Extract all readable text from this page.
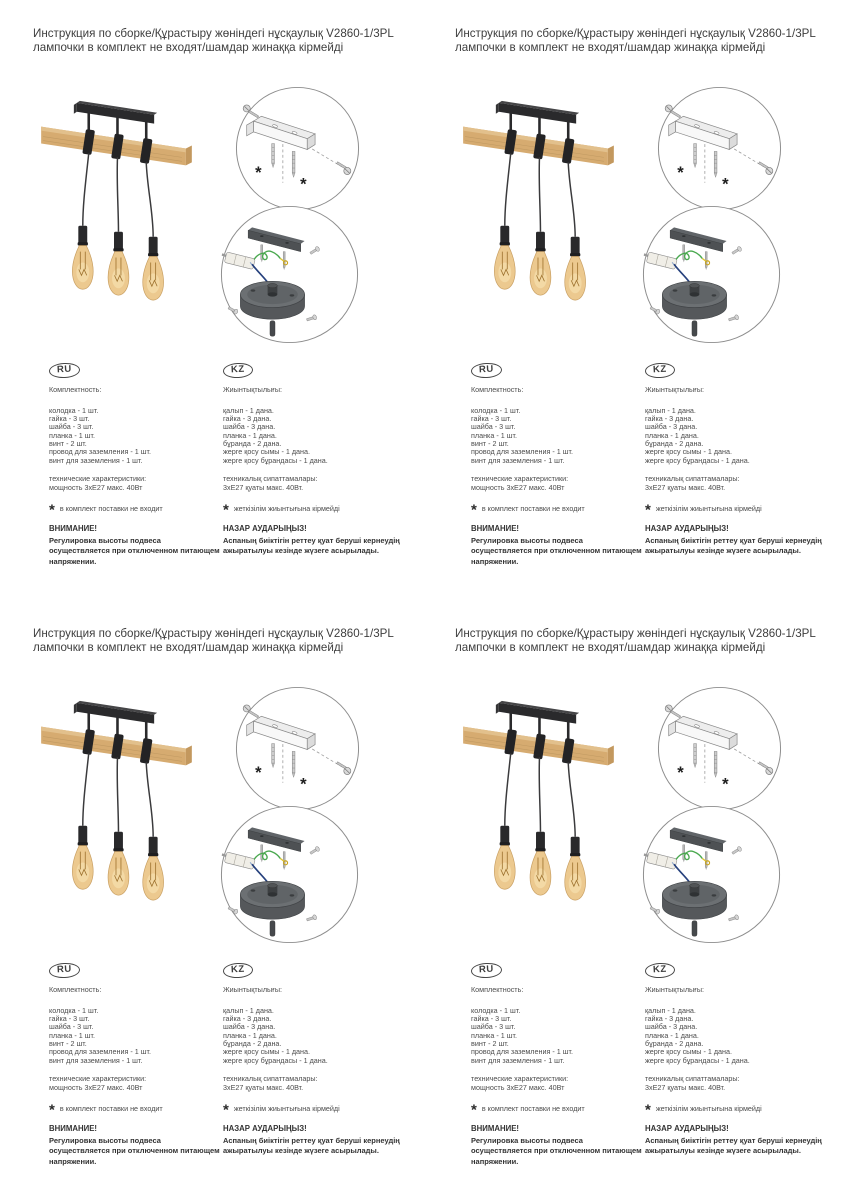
Инструкция по сборке/Құрастыру жөніндегі нұсқаулық V2860-1/3PL
лампочки в комплект не входят/шамдар жинаққа кірмейді
*
*
RU
Комплектность:
колодка - 1 шт.
гайка - 3 шт.
шайба - 3 шт.
планка - 1 шт.
винт - 2 шт.
провод для заземления - 1 шт.
винт для заземления - 1 шт.
технические характеристики:
мощность 3хЕ27 макс. 40Вт
* в комплект поставки не входит
ВНИМАНИЕ!
Регулировка высоты подвеса осуществляется при отключенном питающем напряжении.
KZ
Жиынтықтылығы:
қалып - 1 дана.
гайка - 3 дана.
шайба - 3 дана.
планка - 1 дана.
бұранда - 2 дана.
жерге қосу сымы - 1 дана.
жерге қосу бұрандасы - 1 дана.
техникалық сипаттамалары:
3хЕ27 қуаты макс. 40Вт.
* жеткізілім жиынтығына кірмейді
НАЗАР АУДАРЫҢЫЗ!
Аспаның биіктігін реттеу қуат беруші кернеудің ажыратылуы кезінде жүзеге асырылады.
Инструкция по сборке/Құрастыру жөніндегі нұсқаулық V2860-1/3PL
лампочки в комплект не входят/шамдар жинаққа кірмейді
*
*
RU
Комплектность:
колодка - 1 шт.
гайка - 3 шт.
шайба - 3 шт.
планка - 1 шт.
винт - 2 шт.
провод для заземления - 1 шт.
винт для заземления - 1 шт.
технические характеристики:
мощность 3хЕ27 макс. 40Вт
* в комплект поставки не входит
ВНИМАНИЕ!
Регулировка высоты подвеса осуществляется при отключенном питающем напряжении.
KZ
Жиынтықтылығы:
қалып - 1 дана.
гайка - 3 дана.
шайба - 3 дана.
планка - 1 дана.
бұранда - 2 дана.
жерге қосу сымы - 1 дана.
жерге қосу бұрандасы - 1 дана.
техникалық сипаттамалары:
3хЕ27 қуаты макс. 40Вт.
* жеткізілім жиынтығына кірмейді
НАЗАР АУДАРЫҢЫЗ!
Аспаның биіктігін реттеу қуат беруші кернеудің ажыратылуы кезінде жүзеге асырылады.
Инструкция по сборке/Құрастыру жөніндегі нұсқаулық V2860-1/3PL
лампочки в комплект не входят/шамдар жинаққа кірмейді
*
*
RU
Комплектность:
колодка - 1 шт.
гайка - 3 шт.
шайба - 3 шт.
планка - 1 шт.
винт - 2 шт.
провод для заземления - 1 шт.
винт для заземления - 1 шт.
технические характеристики:
мощность 3хЕ27 макс. 40Вт
* в комплект поставки не входит
ВНИМАНИЕ!
Регулировка высоты подвеса осуществляется при отключенном питающем напряжении.
KZ
Жиынтықтылығы:
қалып - 1 дана.
гайка - 3 дана.
шайба - 3 дана.
планка - 1 дана.
бұранда - 2 дана.
жерге қосу сымы - 1 дана.
жерге қосу бұрандасы - 1 дана.
техникалық сипаттамалары:
3хЕ27 қуаты макс. 40Вт.
* жеткізілім жиынтығына кірмейді
НАЗАР АУДАРЫҢЫЗ!
Аспаның биіктігін реттеу қуат беруші кернеудің ажыратылуы кезінде жүзеге асырылады.
Инструкция по сборке/Құрастыру жөніндегі нұсқаулық V2860-1/3PL
лампочки в комплект не входят/шамдар жинаққа кірмейді
*
*
RU
Комплектность:
колодка - 1 шт.
гайка - 3 шт.
шайба - 3 шт.
планка - 1 шт.
винт - 2 шт.
провод для заземления - 1 шт.
винт для заземления - 1 шт.
технические характеристики:
мощность 3хЕ27 макс. 40Вт
* в комплект поставки не входит
ВНИМАНИЕ!
Регулировка высоты подвеса осуществляется при отключенном питающем напряжении.
KZ
Жиынтықтылығы:
қалып - 1 дана.
гайка - 3 дана.
шайба - 3 дана.
планка - 1 дана.
бұранда - 2 дана.
жерге қосу сымы - 1 дана.
жерге қосу бұрандасы - 1 дана.
техникалық сипаттамалары:
3хЕ27 қуаты макс. 40Вт.
* жеткізілім жиынтығына кірмейді
НАЗАР АУДАРЫҢЫЗ!
Аспаның биіктігін реттеу қуат беруші кернеудің ажыратылуы кезінде жүзеге асырылады.
